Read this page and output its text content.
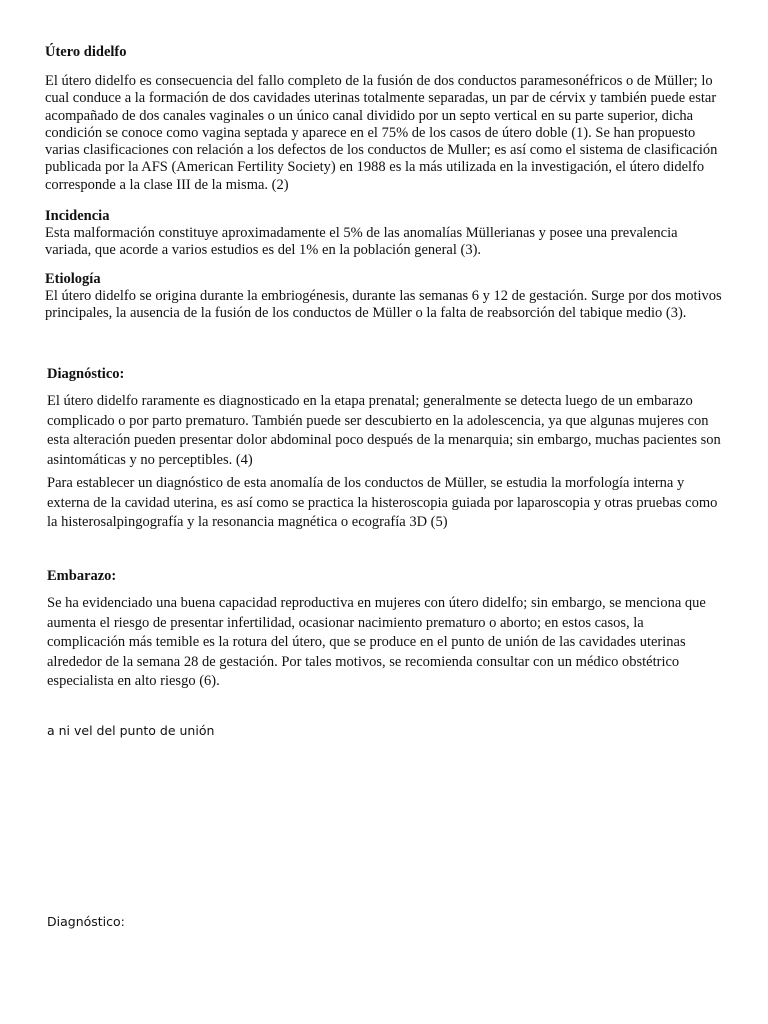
Útero didelfo

El útero didelfo es consecuencia del fallo completo de la fusión de dos conductos paramesonéfricos o de Müller; lo cual conduce a la formación de dos cavidades uterinas totalmente separadas, un par de cérvix y también puede estar acompañado de dos canales vaginales o un único canal dividido por un septo vertical en su parte superior, dicha condición se conoce como vagina septada y aparece en el 75% de los casos de útero doble (1). Se han propuesto varias clasificaciones con relación a los defectos de los conductos de Muller; es así como el sistema de clasificación publicada por la AFS (American Fertility Society) en 1988 es la más utilizada en la investigación, el útero didelfo corresponde a la clase III de la misma. (2)

Incidencia

Esta malformación constituye aproximadamente el 5% de las anomalías Müllerianas y posee una prevalencia variada, que acorde a varios estudios es del 1% en la población general (3).

Etiología

El útero didelfo se origina durante la embriogénesis, durante las semanas 6 y 12 de gestación. Surge por dos motivos principales, la ausencia de la fusión de los conductos de Müller o la falta de reabsorción del tabique medio (3).

Diagnóstico:

El útero didelfo raramente es diagnosticado en la etapa prenatal; generalmente se detecta luego de un embarazo complicado o por parto prematuro. También puede ser descubierto en la adolescencia, ya que algunas mujeres con esta alteración pueden presentar dolor abdominal poco después de la menarquia; sin embargo, muchas pacientes son asintomáticas y no perceptibles. (4)

Para establecer un diagnóstico de esta anomalía de los conductos de Müller, se estudia la morfología interna y externa de la cavidad uterina, es así como se practica la histeroscopia guiada por laparoscopia y otras pruebas como la histerosalpingografía y la resonancia magnética o ecografía 3D (5)

Embarazo:

Se ha evidenciado una buena capacidad reproductiva en mujeres con útero didelfo; sin embargo, se menciona que aumenta el riesgo de presentar infertilidad, ocasionar nacimiento prematuro o aborto; en estos casos, la complicación más temible es la rotura del útero, que se produce en el punto de unión de las cavidades uterinas alrededor de la semana 28 de gestación. Por tales motivos, se recomienda consultar con un médico obstétrico especialista en alto riesgo (6).

a ni vel del punto de unión
Diagnóstico:
